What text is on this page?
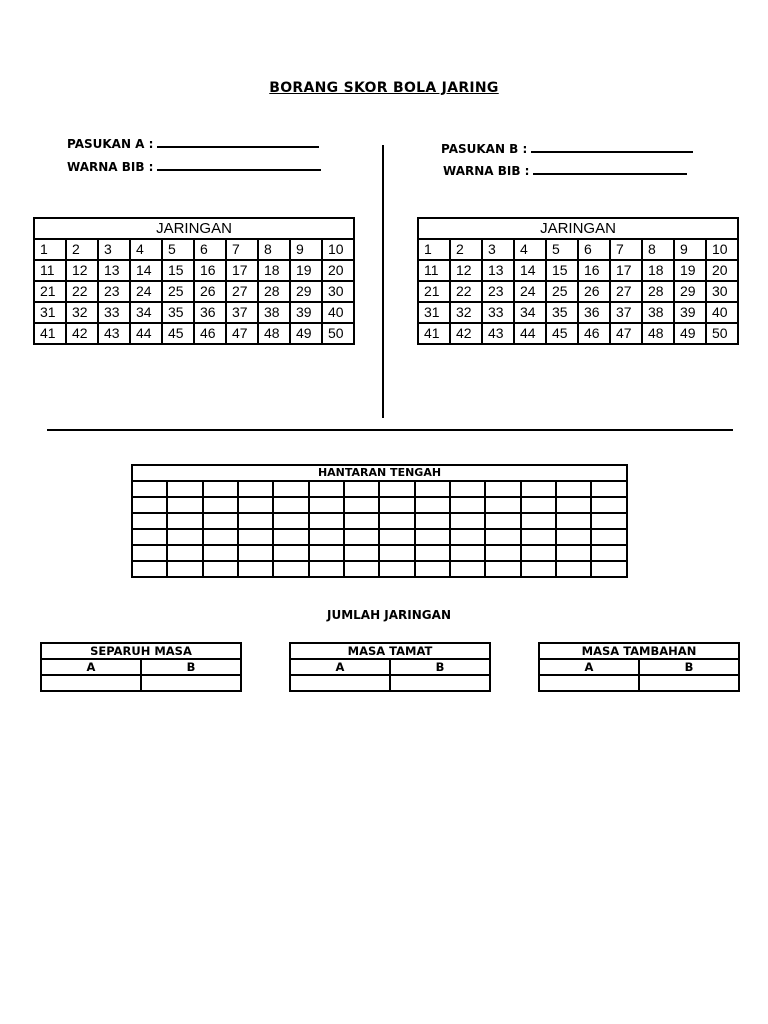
BORANG SKOR BOLA JARING
PASUKAN A :
WARNA BIB :
PASUKAN B :
WARNA BIB :
JARINGAN									
1	2	3	4	5	6	7	8	9	10
11	12	13	14	15	16	17	18	19	20
21	22	23	24	25	26	27	28	29	30
31	32	33	34	35	36	37	38	39	40
41	42	43	44	45	46	47	48	49	50
JARINGAN									
1	2	3	4	5	6	7	8	9	10
11	12	13	14	15	16	17	18	19	20
21	22	23	24	25	26	27	28	29	30
31	32	33	34	35	36	37	38	39	40
41	42	43	44	45	46	47	48	49	50
HANTARAN TENGAH													

JUMLAH JARINGAN
SEPARUH MASA	
A	B

MASA TAMAT	
A	B

MASA TAMBAHAN	
A	B
